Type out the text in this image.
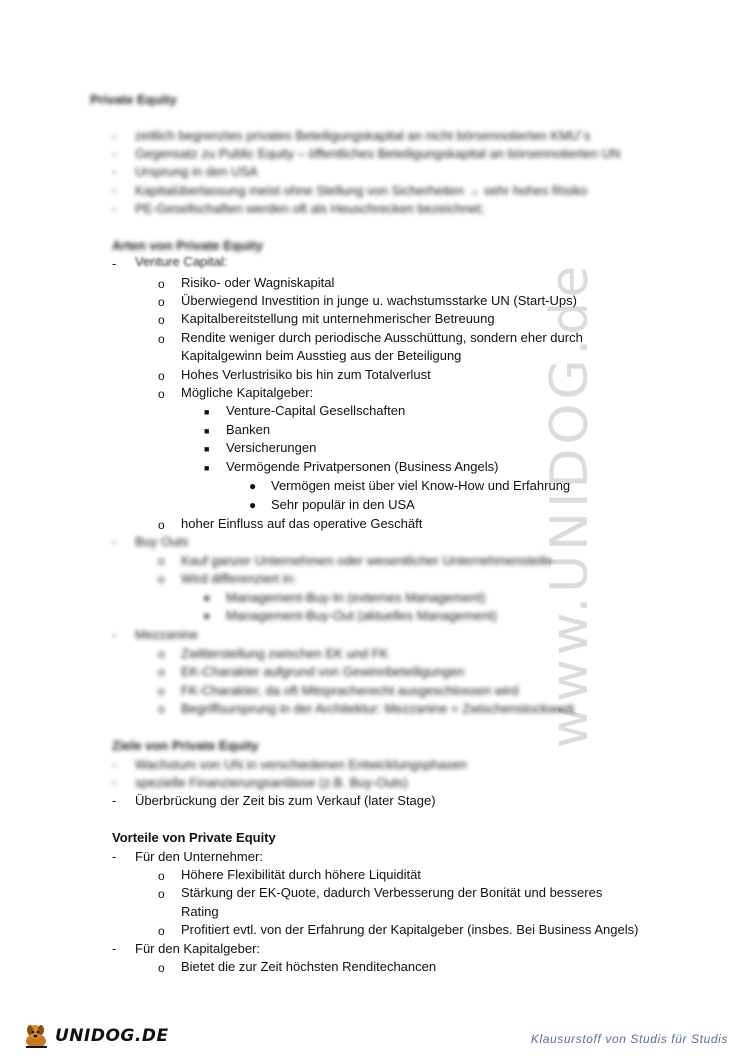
www.UNIDOG.de
Private Equity
-	zeitlich begrenztes privates Beteiligungskapital an nicht börsennotierten KMU´s
-	Gegensatz zu Public Equity – öffentliches Beteiligungskapital an börsennotierten UN
-	Ursprung in den USA
-	Kapitalüberlassung meist ohne Stellung von Sicherheiten → sehr hohes Risiko
-	PE-Gesellschaften werden oft als Heuschrecken bezeichnet;
Arten von Private Equity
-	Venture Capital:
o Risiko- oder Wagniskapital
o Überwiegend Investition in junge u. wachstumsstarke UN (Start-Ups)
o Kapitalbereitstellung mit unternehmerischer Betreuung
o Rendite weniger durch periodische Ausschüttung, sondern eher durch
Kapitalgewinn beim Ausstieg aus der Beteiligung
o Hohes Verlustrisiko bis hin zum Totalverlust
o Mögliche Kapitalgeber:
■ Venture-Capital Gesellschaften
■ Banken
■ Versicherungen
■ Vermögende Privatpersonen (Business Angels)
● Vermögen meist über viel Know-How und Erfahrung
● Sehr populär in den USA
o hoher Einfluss auf das operative Geschäft
-	Buy Outs
o Kauf ganzer Unternehmen oder wesentlicher Unternehmensteile
o Wird differenziert in:
■ Management-Buy-In (externes Management)
■ Management-Buy-Out (aktuelles Management)
-	Mezzanine
o Zwitterstellung zwischen EK und FK
o EK-Charakter aufgrund von Gewinnbeteiligungen
o FK-Charakter, da oft Mitspracherecht ausgeschlossen wird
o Begriffsursprung in der Architektur: Mezzanine = Zwischenstockwerk
Ziele von Private Equity
-	Wachstum von UN in verschiedenen Entwicklungsphasen
-	spezielle Finanzierungsanlässe (z.B. Buy-Outs)
-	Überbrückung der Zeit bis zum Verkauf (later Stage)
Vorteile von Private Equity
-	Für den Unternehmer:
o Höhere Flexibilität durch höhere Liquidität
o Stärkung der EK-Quote, dadurch Verbesserung der Bonität und besseres
Rating
o Profitiert evtl. von der Erfahrung der Kapitalgeber (insbes. Bei Business Angels)
-	Für den Kapitalgeber:
o Bietet die zur Zeit höchsten Renditechancen
UNIDOG.DE	Klausurstoff von Studis für Studis
